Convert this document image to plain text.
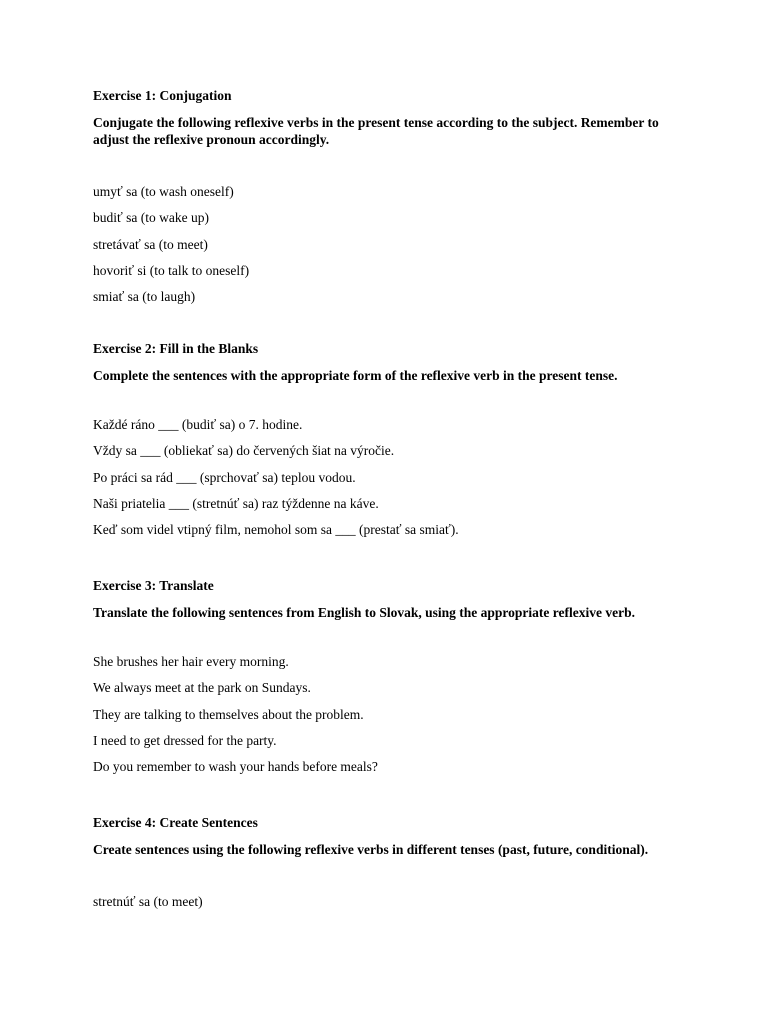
Exercise 1: Conjugation

Conjugate the following reflexive verbs in the present tense according to the subject. Remember to adjust the reflexive pronoun accordingly.

umyť sa (to wash oneself)
budiť sa (to wake up)
stretávať sa (to meet)
hovoriť si (to talk to oneself)
smiať sa (to laugh)

Exercise 2: Fill in the Blanks

Complete the sentences with the appropriate form of the reflexive verb in the present tense.

Každé ráno ___ (budiť sa) o 7. hodine.
Vždy sa ___ (obliekať sa) do červených šiat na výročie.
Po práci sa rád ___ (sprchovať sa) teplou vodou.
Naši priatelia ___ (stretnúť sa) raz týždenne na káve.
Keď som videl vtipný film, nemohol som sa ___ (prestať sa smiať).

Exercise 3: Translate

Translate the following sentences from English to Slovak, using the appropriate reflexive verb.

She brushes her hair every morning.
We always meet at the park on Sundays.
They are talking to themselves about the problem.
I need to get dressed for the party.
Do you remember to wash your hands before meals?

Exercise 4: Create Sentences

Create sentences using the following reflexive verbs in different tenses (past, future, conditional).

stretnúť sa (to meet)
